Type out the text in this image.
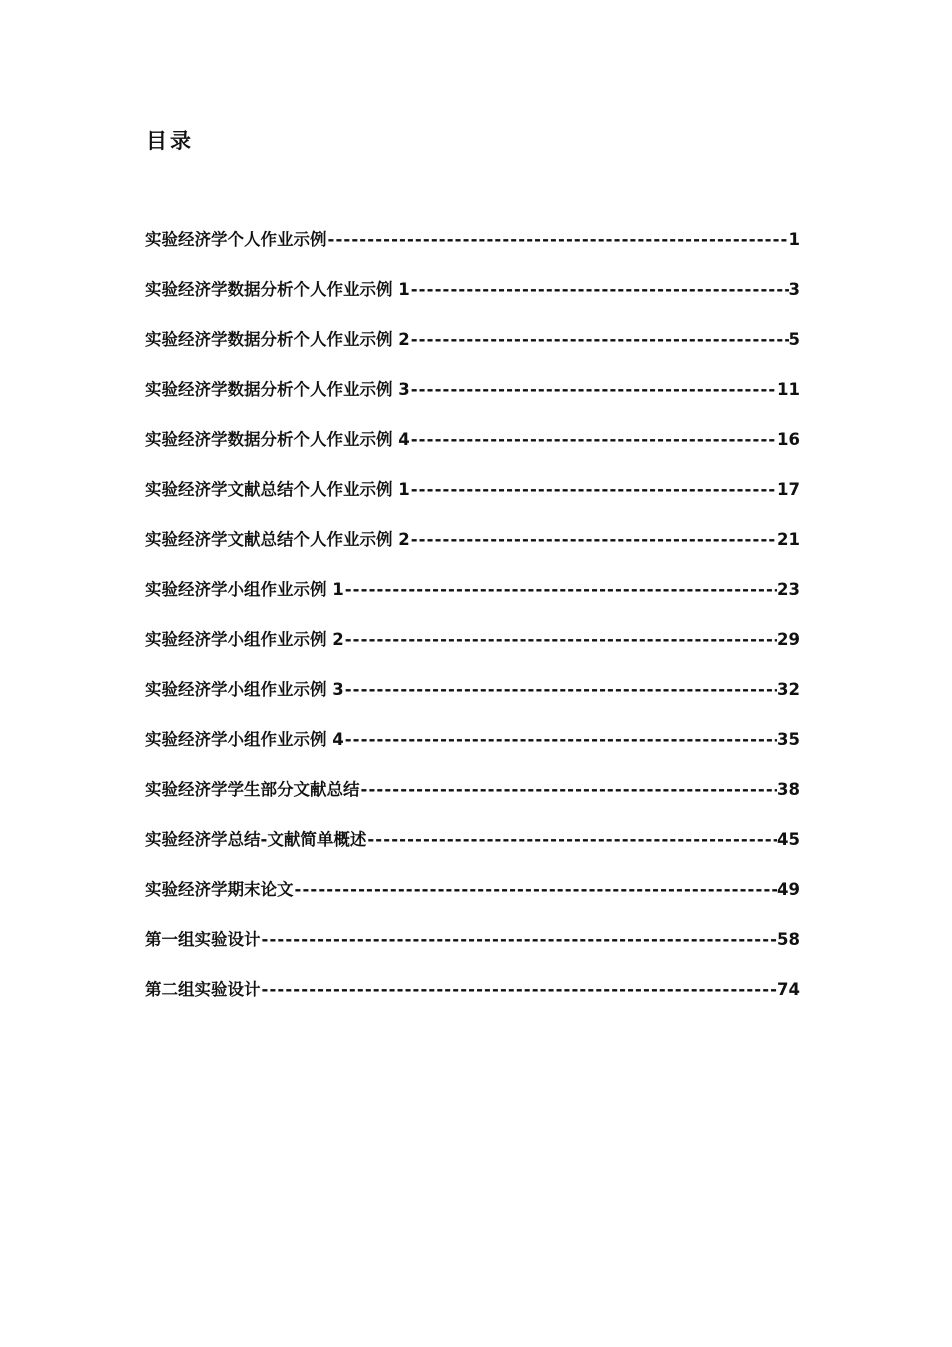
目录
实验经济学个人作业示例 -----	1
实验经济学数据分析个人作业示例 1 -----	3
实验经济学数据分析个人作业示例 2 -----	5
实验经济学数据分析个人作业示例 3 -----	11
实验经济学数据分析个人作业示例 4 -----	16
实验经济学文献总结个人作业示例 1 -----	17
实验经济学文献总结个人作业示例 2 -----	21
实验经济学小组作业示例 1 -----	23
实验经济学小组作业示例 2 -----	29
实验经济学小组作业示例 3 -----	32
实验经济学小组作业示例 4 -----	35
实验经济学学生部分文献总结 -----	38
实验经济学总结-文献简单概述 -----	45
实验经济学期末论文 -----	49
第一组实验设计 -----	58
第二组实验设计 -----	74
